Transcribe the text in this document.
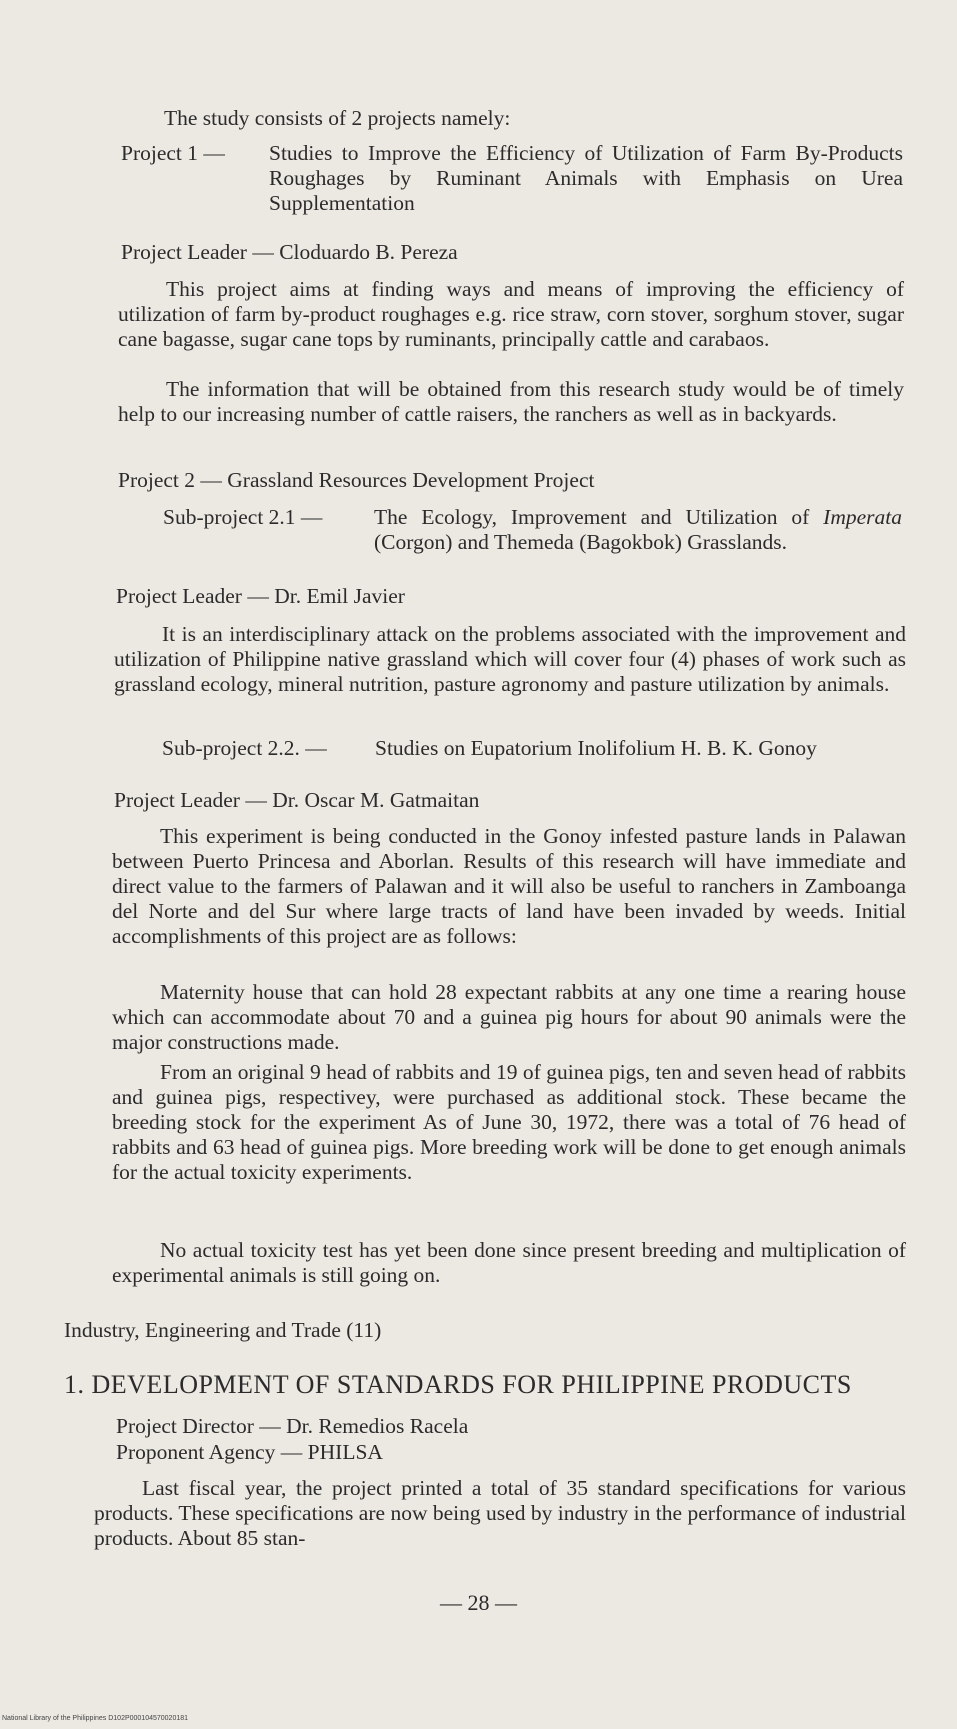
The study consists of 2 projects namely:

Project 1 — Studies to Improve the Efficiency of Utilization of Farm By-Products Roughages by Ruminant Animals with Emphasis on Urea Supplementation

Project Leader — Cloduardo B. Pereza

This project aims at finding ways and means of improving the efficiency of utilization of farm by-product roughages e.g. rice straw, corn stover, sorghum stover, sugar cane bagasse, sugar cane tops by ruminants, principally cattle and carabaos.

The information that will be obtained from this research study would be of timely help to our increasing number of cattle raisers, the ranchers as well as in backyards.

Project 2 — Grassland Resources Development Project

Sub-project 2.1 — The Ecology, Improvement and Utilization of Imperata (Corgon) and Themeda (Bagokbok) Grasslands.

Project Leader — Dr. Emil Javier

It is an interdisciplinary attack on the problems associated with the improvement and utilization of Philippine native grassland which will cover four (4) phases of work such as grassland ecology, mineral nutrition, pasture agronomy and pasture utilization by animals.

Sub-project 2.2. — Studies on Eupatorium Inolifolium H. B. K. Gonoy

Project Leader — Dr. Oscar M. Gatmaitan

This experiment is being conducted in the Gonoy infested pasture lands in Palawan between Puerto Princesa and Aborlan. Results of this research will have immediate and direct value to the farmers of Palawan and it will also be useful to ranchers in Zamboanga del Norte and del Sur where large tracts of land have been invaded by weeds. Initial accomplishments of this project are as follows:

Maternity house that can hold 28 expectant rabbits at any one time a rearing house which can accommodate about 70 and a guinea pig hours for about 90 animals were the major constructions made.

From an original 9 head of rabbits and 19 of guinea pigs, ten and seven head of rabbits and guinea pigs, respectivey, were purchased as additional stock. These became the breeding stock for the experiment As of June 30, 1972, there was a total of 76 head of rabbits and 63 head of guinea pigs. More breeding work will be done to get enough animals for the actual toxicity experiments.

No actual toxicity test has yet been done since present breeding and multiplication of experimental animals is still going on.

Industry, Engineering and Trade (11)

1. DEVELOPMENT OF STANDARDS FOR PHILIPPINE PRODUCTS

Project Director — Dr. Remedios Racela

Proponent Agency — PHILSA

Last fiscal year, the project printed a total of 35 standard specifications for various products. These specifications are now being used by industry in the performance of industrial products. About 85 stan-

— 28 —
National Library of the Philippines D102P000104570020181
